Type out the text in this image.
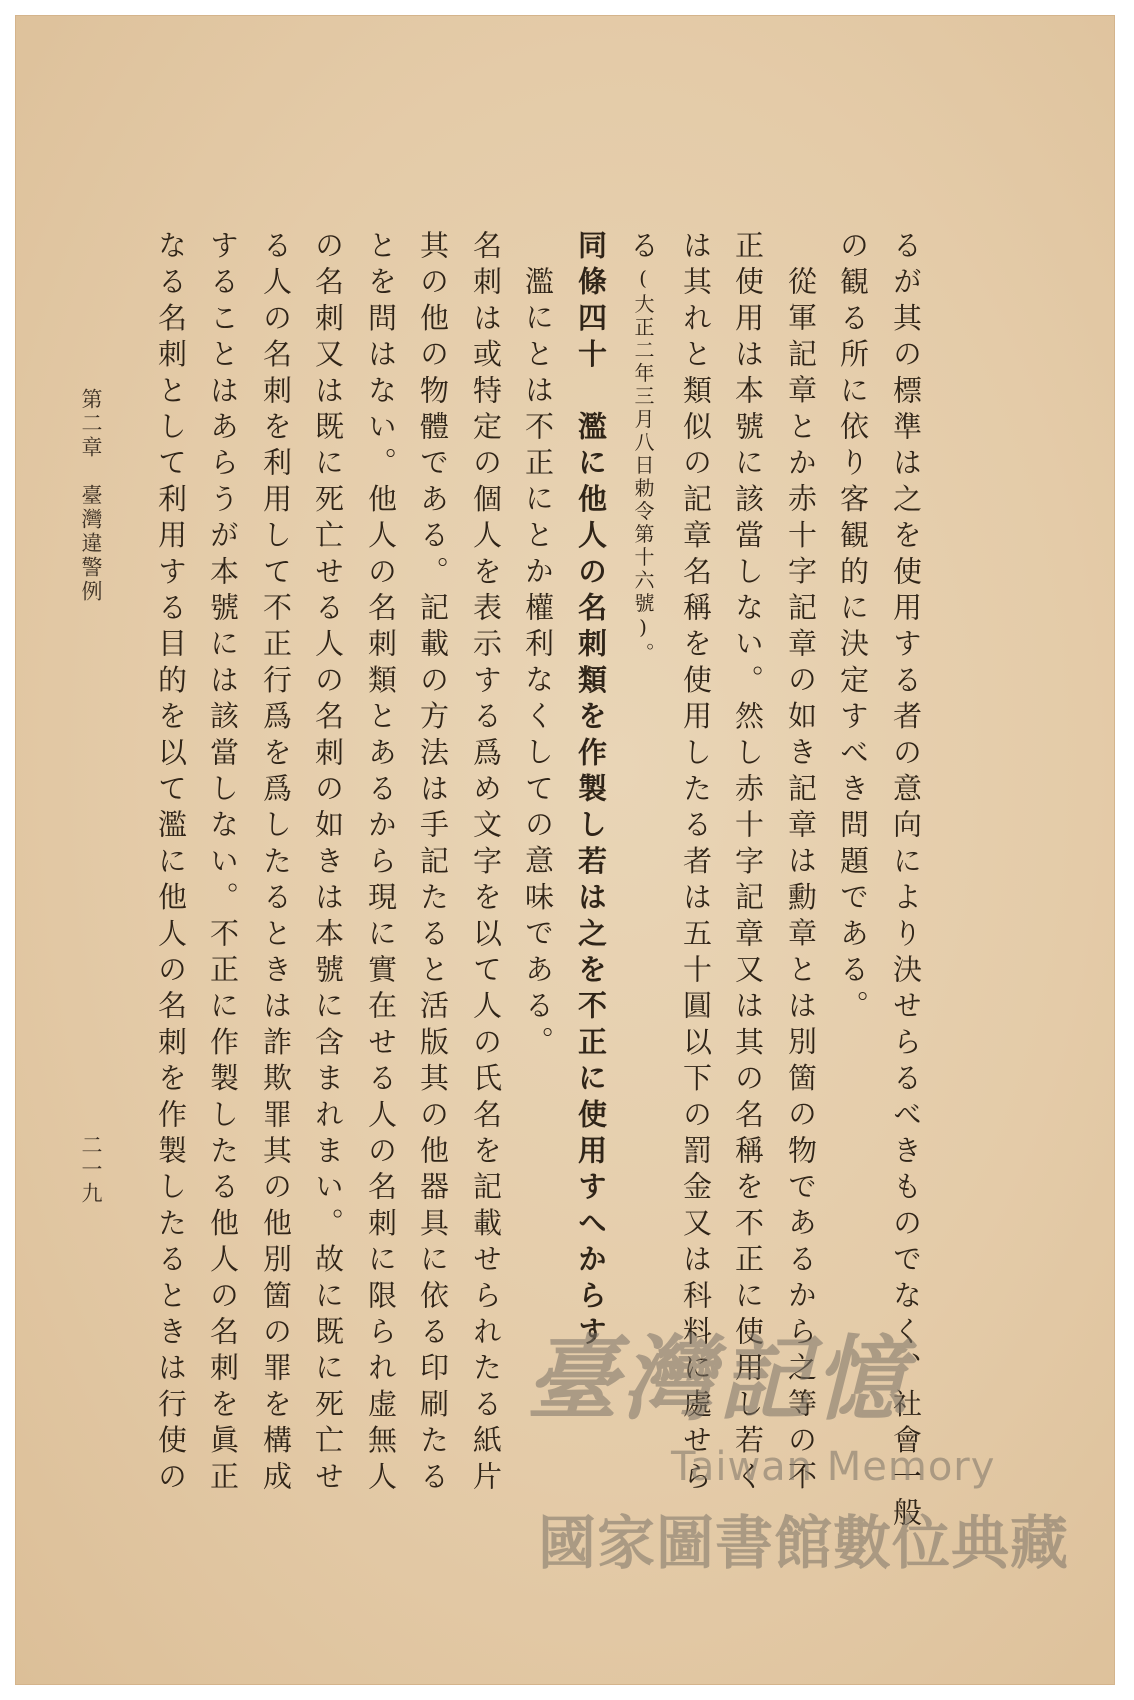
るが其の標準は之を使用する者の意向により決せらるべきものでなく、社會一般
の観る所に依り客観的に決定すべき問題である。
從軍記章とか赤十字記章の如き記章は勳章とは別箇の物であるから之等の不
正使用は本號に該當しない。然し赤十字記章又は其の名稱を不正に使用し若く
は其れと類似の記章名稱を使用したる者は五十圓以下の罰金又は科料に處せら
る(大正二年三月八日勅令第十六號)。
同條四十　濫に他人の名刺類を作製し若は之を不正に使用すへからす
濫にとは不正にとか權利なくしての意味である。
名刺は或特定の個人を表示する爲め文字を以て人の氏名を記載せられたる紙片
其の他の物體である。記載の方法は手記たると活版其の他器具に依る印刷たる
とを問はない。他人の名刺類とあるから現に實在せる人の名刺に限られ虚無人
の名刺又は既に死亡せる人の名刺の如きは本號に含まれまい。故に既に死亡せ
る人の名刺を利用して不正行爲を爲したるときは詐欺罪其の他別箇の罪を構成
することはあらうが本號には該當しない。不正に作製したる他人の名刺を眞正
なる名刺として利用する目的を以て濫に他人の名刺を作製したるときは行使の
第二章　臺灣違警例
二一九
臺灣記憶
Taiwan Memory
國家圖書館數位典藏
